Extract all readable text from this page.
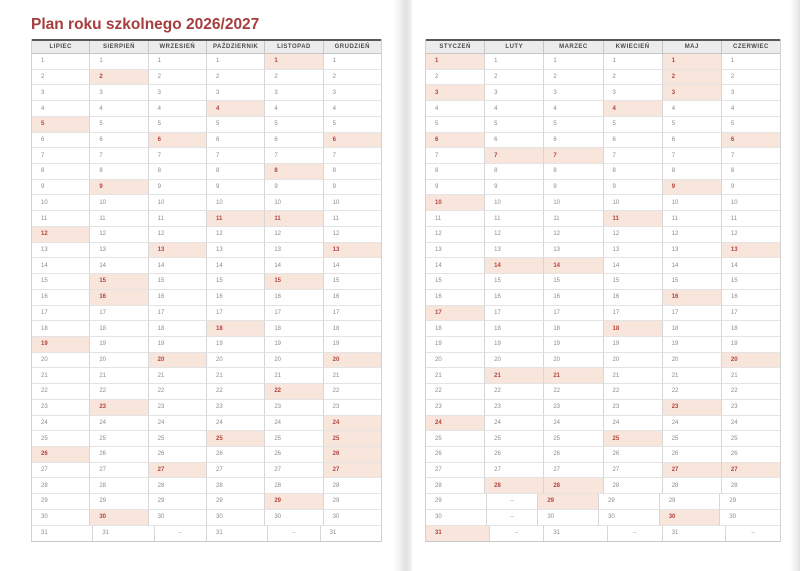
Plan roku szkolnego 2026/2027
LIPIEC	SIERPIEŃ	WRZESIEŃ	PAŹDZIERNIK	LISTOPAD	GRUDZIEŃ
1	1	1	1	1	1
2	2	2	2	2	2
3	3	3	3	3	3
4	4	4	4	4	4
5	5	5	5	5	5
6	6	6	6	6	6
7	7	7	7	7	7
8	8	8	8	8	8
9	9	9	9	9	9
10	10	10	10	10	10
11	11	11	11	11	11
12	12	12	12	12	12
13	13	13	13	13	13
14	14	14	14	14	14
15	15	15	15	15	15
16	16	16	16	16	16
17	17	17	17	17	17
18	18	18	18	18	18
19	19	19	19	19	19
20	20	20	20	20	20
21	21	21	21	21	21
22	22	22	22	22	22
23	23	23	23	23	23
24	24	24	24	24	24
25	25	25	25	25	25
26	26	26	26	26	26
27	27	27	27	27	27
28	28	28	28	28	28
29	29	29	29	29	29
30	30	30	30	30	30
31	31	–	31	–	31
STYCZEŃ	LUTY	MARZEC	KWIECIEŃ	MAJ	CZERWIEC
1	1	1	1	1	1
2	2	2	2	2	2
3	3	3	3	3	3
4	4	4	4	4	4
5	5	5	5	5	5
6	6	6	6	6	6
7	7	7	7	7	7
8	8	8	8	8	8
9	9	9	9	9	9
10	10	10	10	10	10
11	11	11	11	11	11
12	12	12	12	12	12
13	13	13	13	13	13
14	14	14	14	14	14
15	15	15	15	15	15
16	16	16	16	16	16
17	17	17	17	17	17
18	18	18	18	18	18
19	19	19	19	19	19
20	20	20	20	20	20
21	21	21	21	21	21
22	22	22	22	22	22
23	23	23	23	23	23
24	24	24	24	24	24
25	25	25	25	25	25
26	26	26	26	26	26
27	27	27	27	27	27
28	28	28	28	28	28
29	–	29	29	29	29
30	–	30	30	30	30
31	–	31	–	31	–
